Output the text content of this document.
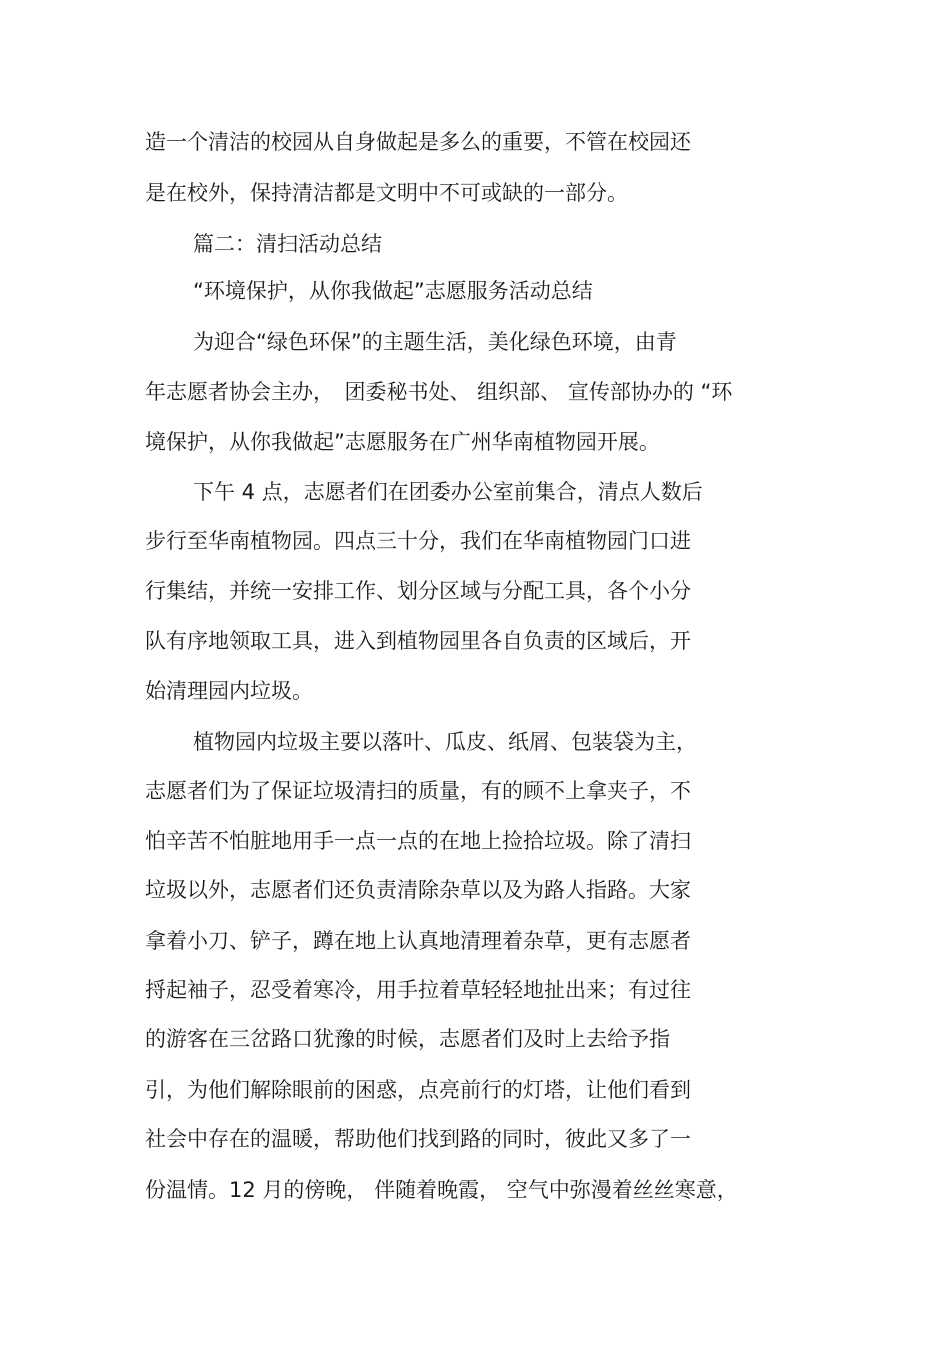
造一个清洁的校园从自身做起是多么的重要，不管在校园还
是在校外，保持清洁都是文明中不可或缺的一部分。
篇二：清扫活动总结
“环境保护，从你我做起”志愿服务活动总结
为迎合“绿色环保”的主题生活，美化绿色环境，由青
年志愿者协会主办，　团委秘书处、 组织部、 宣传部协办的 “环
境保护，从你我做起”志愿服务在广州华南植物园开展。
下午 4 点，志愿者们在团委办公室前集合，清点人数后
步行至华南植物园。四点三十分，我们在华南植物园门口进
行集结，并统一安排工作、划分区域与分配工具，各个小分
队有序地领取工具，进入到植物园里各自负责的区域后，开
始清理园内垃圾。
植物园内垃圾主要以落叶、瓜皮、纸屑、包装袋为主，
志愿者们为了保证垃圾清扫的质量，有的顾不上拿夹子，不
怕辛苦不怕脏地用手一点一点的在地上捡拾垃圾。除了清扫
垃圾以外，志愿者们还负责清除杂草以及为路人指路。大家
拿着小刀、铲子，蹲在地上认真地清理着杂草，更有志愿者
捋起袖子，忍受着寒冷，用手拉着草轻轻地扯出来；有过往
的游客在三岔路口犹豫的时候，志愿者们及时上去给予指
引，为他们解除眼前的困惑，点亮前行的灯塔，让他们看到
社会中存在的温暖，帮助他们找到路的同时，彼此又多了一
份温情。12 月的傍晚， 伴随着晚霞， 空气中弥漫着丝丝寒意，
